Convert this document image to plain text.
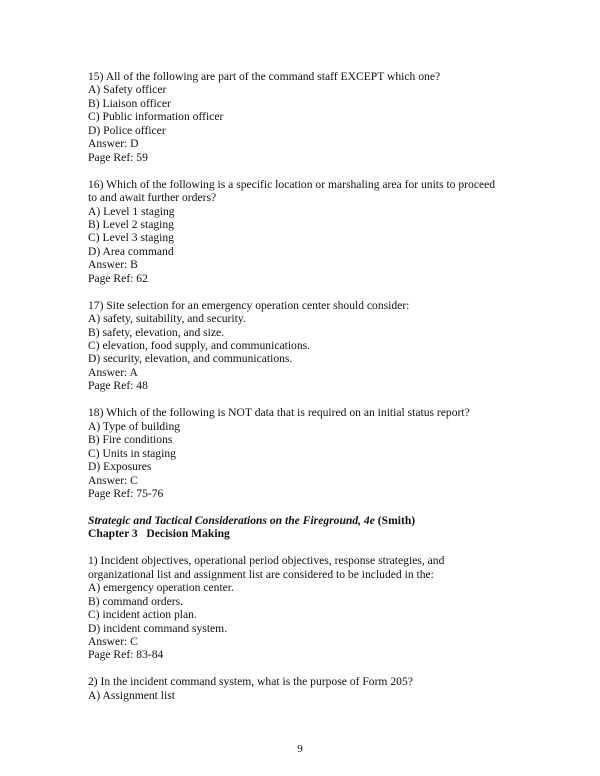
15) All of the following are part of the command staff EXCEPT which one?
A) Safety officer
B) Liaison officer
C) Public information officer
D) Police officer
Answer: D
Page Ref: 59
16) Which of the following is a specific location or marshaling area for units to proceed
to and await further orders?
A) Level 1 staging
B) Level 2 staging
C) Level 3 staging
D) Area command
Answer: B
Page Ref: 62
17) Site selection for an emergency operation center should consider:
A) safety, suitability, and security.
B) safety, elevation, and size.
C) elevation, food supply, and communications.
D) security, elevation, and communications.
Answer: A
Page Ref: 48
18) Which of the following is NOT data that is required on an initial status report?
A) Type of building
B) Fire conditions
C) Units in staging
D) Exposures
Answer: C
Page Ref: 75-76
Strategic and Tactical Considerations on the Fireground, 4e (Smith)
Chapter 3   Decision Making
1) Incident objectives, operational period objectives, response strategies, and
organizational list and assignment list are considered to be included in the:
A) emergency operation center.
B) command orders.
C) incident action plan.
D) incident command system.
Answer: C
Page Ref: 83-84
2) In the incident command system, what is the purpose of Form 205?
A) Assignment list
9
